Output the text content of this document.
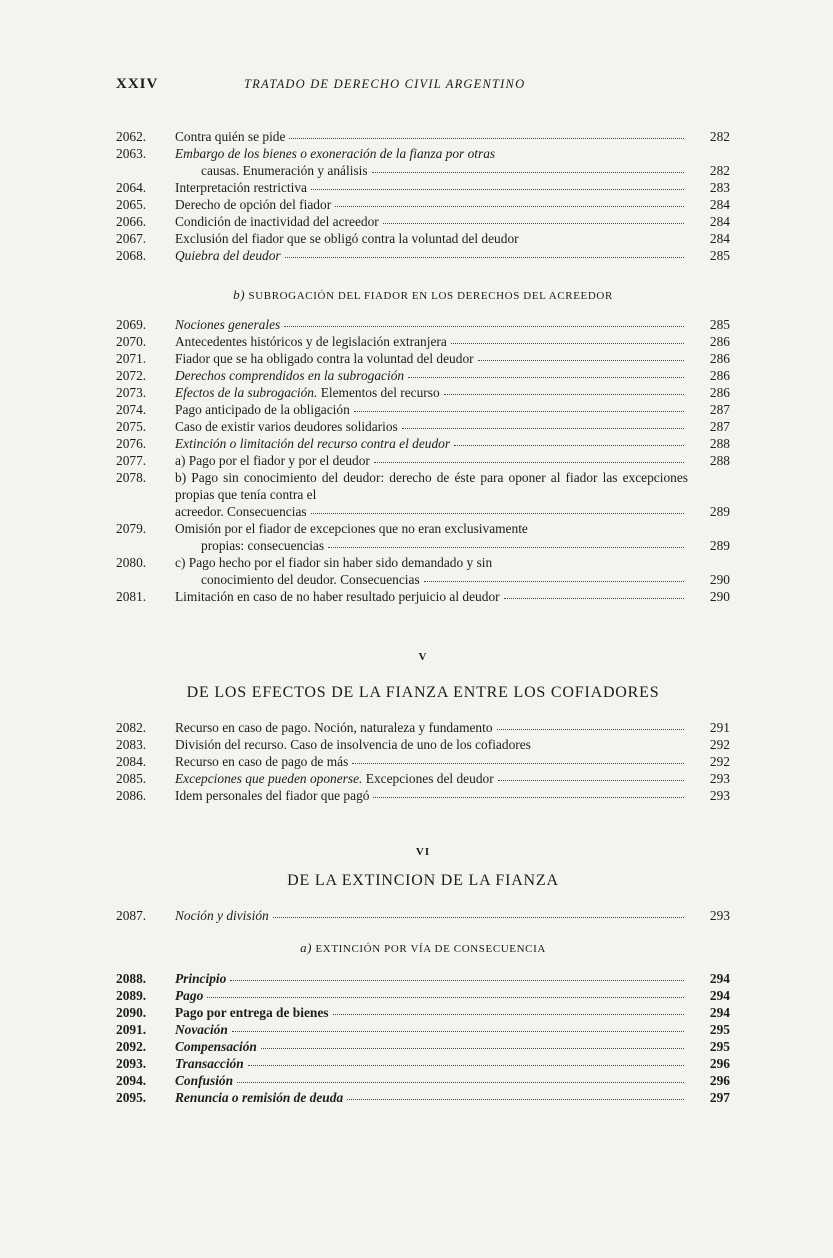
XXIV	TRATADO DE DERECHO CIVIL ARGENTINO
2062.	Contra quién se pide	282
2063.	Embargo de los bienes o exoneración de la fianza por otras
causas. Enumeración y análisis	282
2064.	Interpretación restrictiva	283
2065.	Derecho de opción del fiador	284
2066.	Condición de inactividad del acreedor	284
2067.	Exclusión del fiador que se obligó contra la voluntad del deudor	284
2068.	Quiebra del deudor	285
b) SUBROGACIÓN DEL FIADOR EN LOS DERECHOS DEL ACREEDOR
2069.	Nociones generales	285
2070.	Antecedentes históricos y de legislación extranjera	286
2071.	Fiador que se ha obligado contra la voluntad del deudor	286
2072.	Derechos comprendidos en la subrogación	286
2073.	Efectos de la subrogación.
Elementos del recurso	286
2074.	Pago anticipado de la obligación	287
2075.	Caso de existir varios deudores solidarios	287
2076.	Extinción o limitación del recurso contra el deudor	288
2077.	a) Pago por el fiador y por el deudor	288
2078.	b) Pago sin conocimiento del deudor: derecho de éste para oponer al fiador las excepciones propias que tenía contra el
acreedor. Consecuencias	289
2079.	Omisión por el fiador de excepciones que no eran exclusivamente
propias: consecuencias	289
2080.	c) Pago hecho por el fiador sin haber sido demandado y sin
conocimiento del deudor. Consecuencias	290
2081.	Limitación en caso de no haber resultado perjuicio al deudor	290
V
DE LOS EFECTOS DE LA FIANZA ENTRE LOS COFIADORES
2082.	Recurso en caso de pago. Noción, naturaleza y fundamento	291
2083.	División del recurso. Caso de insolvencia de uno de los cofiadores	292
2084.	Recurso en caso de pago de más	292
2085.	Excepciones que pueden oponerse.
Excepciones del deudor	293
2086.	Idem personales del fiador que pagó	293
VI
DE LA EXTINCION DE LA FIANZA
2087.	Noción y división	293
a) EXTINCIÓN POR VÍA DE CONSECUENCIA
2088.	Principio	294
2089.	Pago	294
2090.	Pago por entrega de bienes	294
2091.	Novación	295
2092.	Compensación	295
2093.	Transacción	296
2094.	Confusión	296
2095.	Renuncia o remisión de deuda	297
